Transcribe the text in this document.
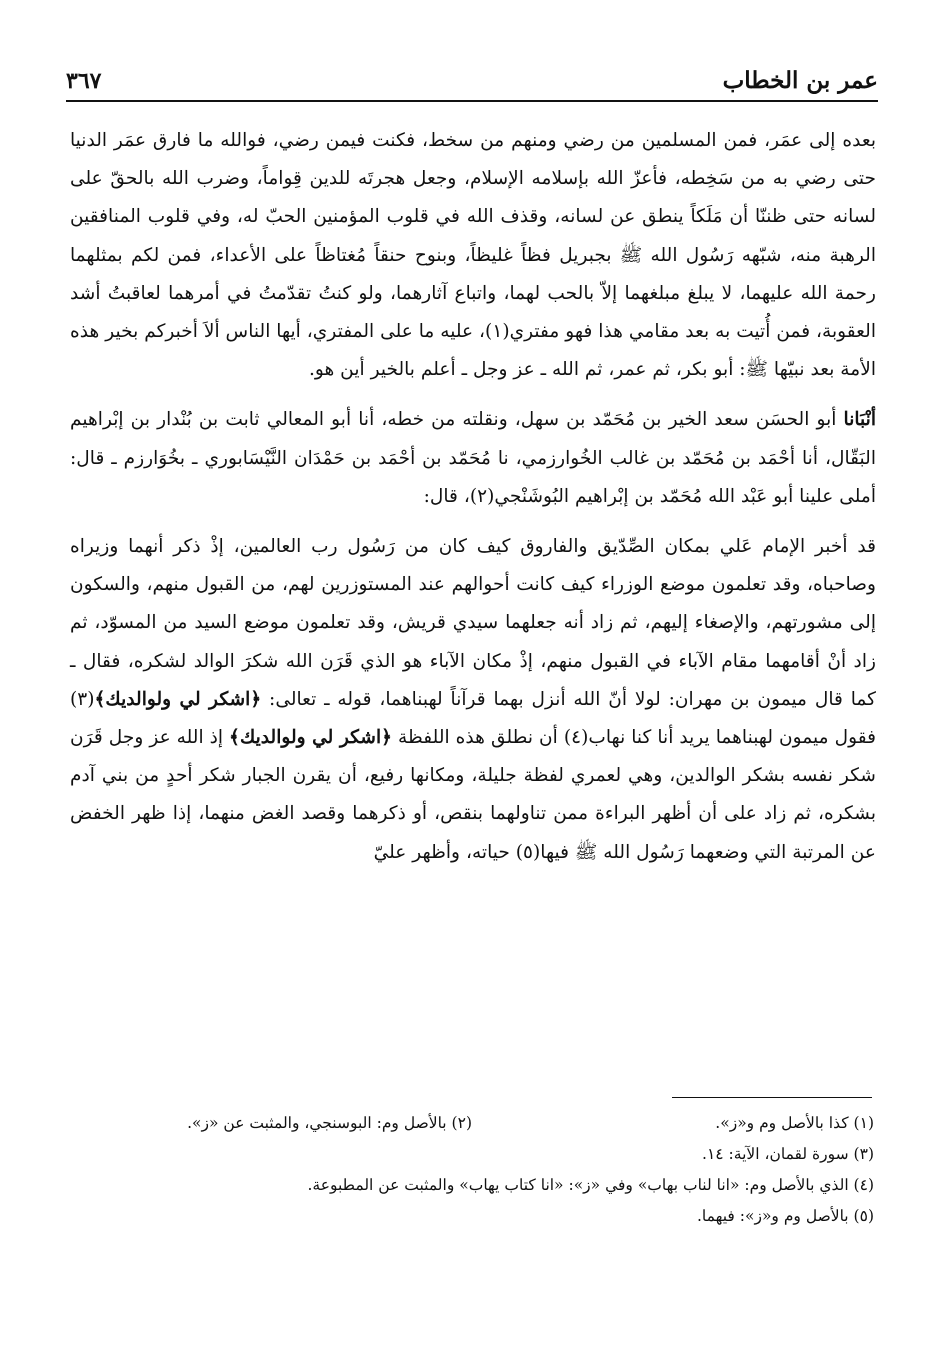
عمر بن الخطاب
٣٦٧

بعده إلى عمَر، فمن المسلمين من رضي ومنهم من سخط، فكنت فيمن رضي، فوالله ما فارق عمَر الدنيا حتى رضي به من سَخِطه، فأعزّ الله بإسلامه الإسلام، وجعل هجرتَه للدين قِواماً، وضرب الله بالحقّ على لسانه حتى ظننّا أن مَلَكاً ينطق عن لسانه، وقذف الله في قلوب المؤمنين الحبّ له، وفي قلوب المنافقين الرهبة منه، شبّهه رَسُول الله ﷺ بجبريل فظاً غليظاً، وبنوح حنقاً مُغتاظاً على الأعداء، فمن لكم بمثلهما رحمة الله عليهما، لا يبلغ مبلغهما إلاّ بالحب لهما، واتباع آثارهما، ولو كنتُ تقدّمتُ في أمرهما لعاقبتُ أشد العقوبة، فمن أُتيت به بعد مقامي هذا فهو مفتري(١)، عليه ما على المفتري، أيها الناس ألاَ أخبركم بخير هذه الأمة بعد نبيّها ﷺ: أبو بكر، ثم عمر، ثم الله ـ عز وجل ـ أعلم بالخير أين هو.

أنْبَانا أبو الحسَن سعد الخير بن مُحَمّد بن سهل، ونقلته من خطه، أنا أبو المعالي ثابت بن بُنْدار بن إبْراهيم البَقّال، أنا أحْمَد بن مُحَمّد بن غالب الخُوارزمي، نا مُحَمّد بن أحْمَد بن حَمْدَان النَّيْسَابوري ـ بخُوَارزم ـ قال: أملى علينا أبو عَبْد الله مُحَمّد بن إبْراهيم البُوشَنْجي(٢)، قال:

قد أخبر الإمام عَلي بمكان الصِّدّيق والفاروق كيف كان من رَسُول رب العالمين، إذْ ذكر أنهما وزيراه وصاحباه، وقد تعلمون موضع الوزراء كيف كانت أحوالهم عند المستوزرين لهم، من القبول منهم، والسكون إلى مشورتهم، والإصغاء إليهم، ثم زاد أنه جعلهما سيدي قريش، وقد تعلمون موضع السيد من المسوّد، ثم زاد أنْ أقامهما مقام الآباء في القبول منهم، إذْ مكان الآباء هو الذي قَرَن الله شكرَ الوالد لشكره، فقال ـ كما قال ميمون بن مهران: لولا أنّ الله أنزل بهما قرآناً لهبناهما، قوله ـ تعالى: ﴿اشكر لي ولوالديك﴾(٣) فقول ميمون لهبناهما يريد أنا كنا نهاب(٤) أن نطلق هذه اللفظة ﴿اشكر لي ولوالديك﴾ إذ الله عز وجل قَرَن شكر نفسه بشكر الوالدين، وهي لعمري لفظة جليلة، ومكانها رفيع، أن يقرن الجبار شكر أحدٍ من بني آدم بشكره، ثم زاد على أن أظهر البراءة ممن تناولهما بنقص، أو ذكرهما وقصد الغض منهما، إذا ظهر الخفض عن المرتبة التي وضعهما رَسُول الله ﷺ فيها(٥) حياته، وأظهر عليّ

(١) كذا بالأصل وم و«ز».
(٢) بالأصل وم: البوسنجي، والمثبت عن «ز».
(٣) سورة لقمان، الآية: ١٤.
(٤) الذي بالأصل وم: «انا لناب بهاب» وفي «ز»: «انا كتاب يهاب» والمثبت عن المطبوعة.
(٥) بالأصل وم و«ز»: فيهما.
